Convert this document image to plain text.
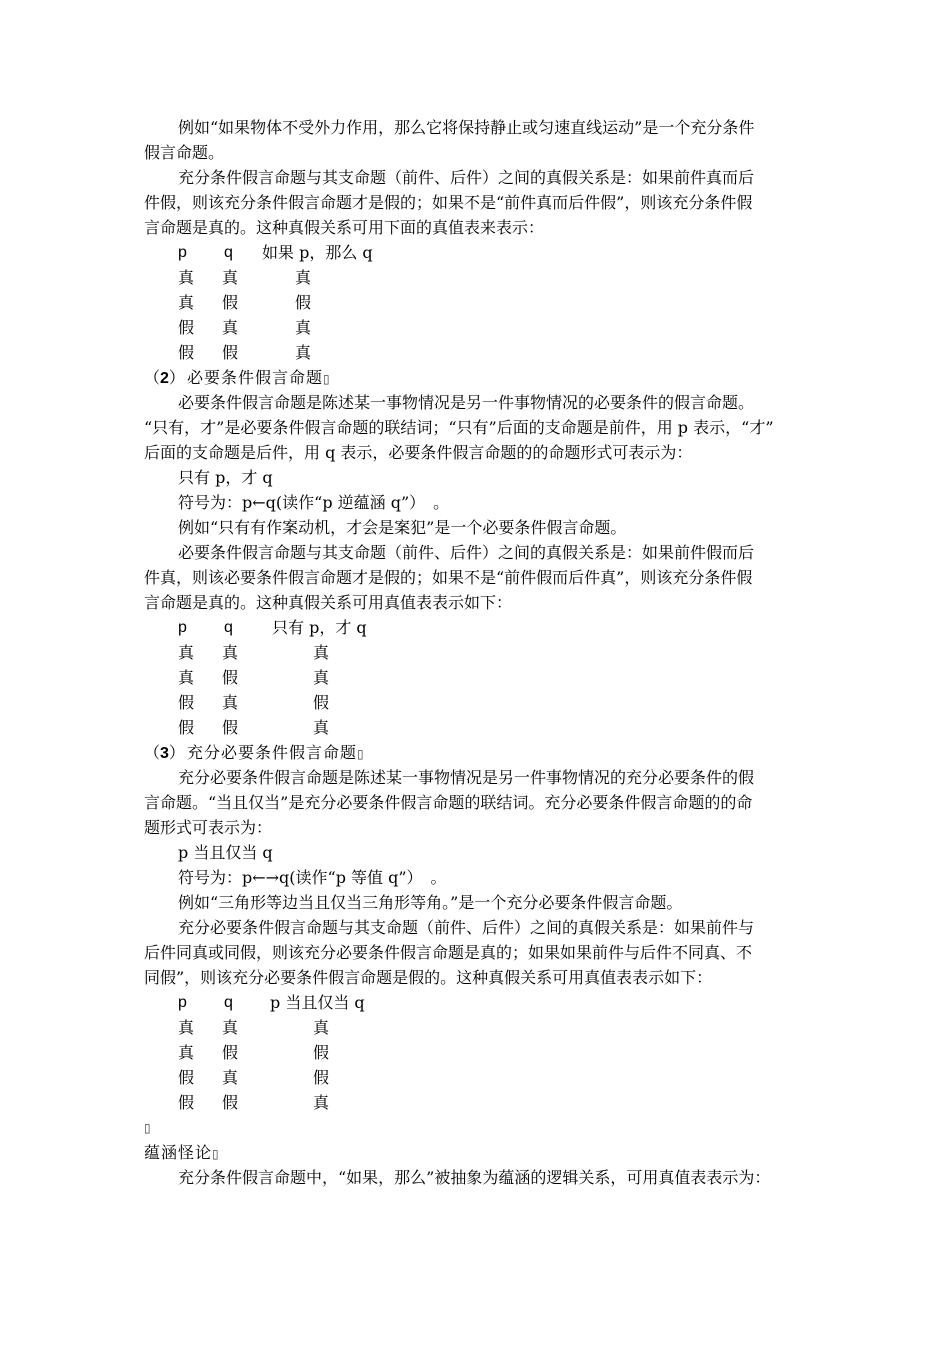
例如“如果物体不受外力作用，那么它将保持静止或匀速直线运动”是一个充分条件
假言命题。
充分条件假言命题与其支命题（前件、后件）之间的真假关系是：如果前件真而后
件假，则该充分条件假言命题才是假的；如果不是“前件真而后件假”，则该充分条件假
言命题是真的。这种真假关系可用下面的真值表来表示：
p q 如果 p，那么 q
真 真	真
真 假	假
假 真	真
假 假	真
（2） 必要条件假言命题▯
必要条件假言命题是陈述某一事物情况是另一件事物情况的必要条件的假言命题。
“只有，才”是必要条件假言命题的联结词；“只有”后面的支命题是前件，用 p 表示，“才”
后面的支命题是后件，用 q 表示，必要条件假言命题的的命题形式可表示为：
只有 p，才 q
符号为：p←q(读作“p 逆蕴涵 q”）　。
例如“只有有作案动机，才会是案犯”是一个必要条件假言命题。
必要条件假言命题与其支命题（前件、后件）之间的真假关系是：如果前件假而后
件真，则该必要条件假言命题才是假的；如果不是“前件假而后件真”，则该充分条件假
言命题是真的。这种真假关系可用真值表表示如下：
p q 只有 p，才 q
真 真	真
真 假	真
假 真	假
假 假	真
（3） 充分必要条件假言命题▯
充分必要条件假言命题是陈述某一事物情况是另一件事物情况的充分必要条件的假
言命题。“当且仅当”是充分必要条件假言命题的联结词。充分必要条件假言命题的的命
题形式可表示为：
p 当且仅当 q
符号为：p←→q(读作“p 等值 q”）　。
例如“三角形等边当且仅当三角形等角。”是一个充分必要条件假言命题。
充分必要条件假言命题与其支命题（前件、后件）之间的真假关系是：如果前件与
后件同真或同假，则该充分必要条件假言命题是真的；如果如果前件与后件不同真、不
同假”，则该充分必要条件假言命题是假的。这种真假关系可用真值表表示如下：
p q p 当且仅当 q
真 真	真
真 假	假
假 真	假
假 假	真
▯
蕴涵怪论▯
充分条件假言命题中，“如果，那么”被抽象为蕴涵的逻辑关系，可用真值表表示为：
